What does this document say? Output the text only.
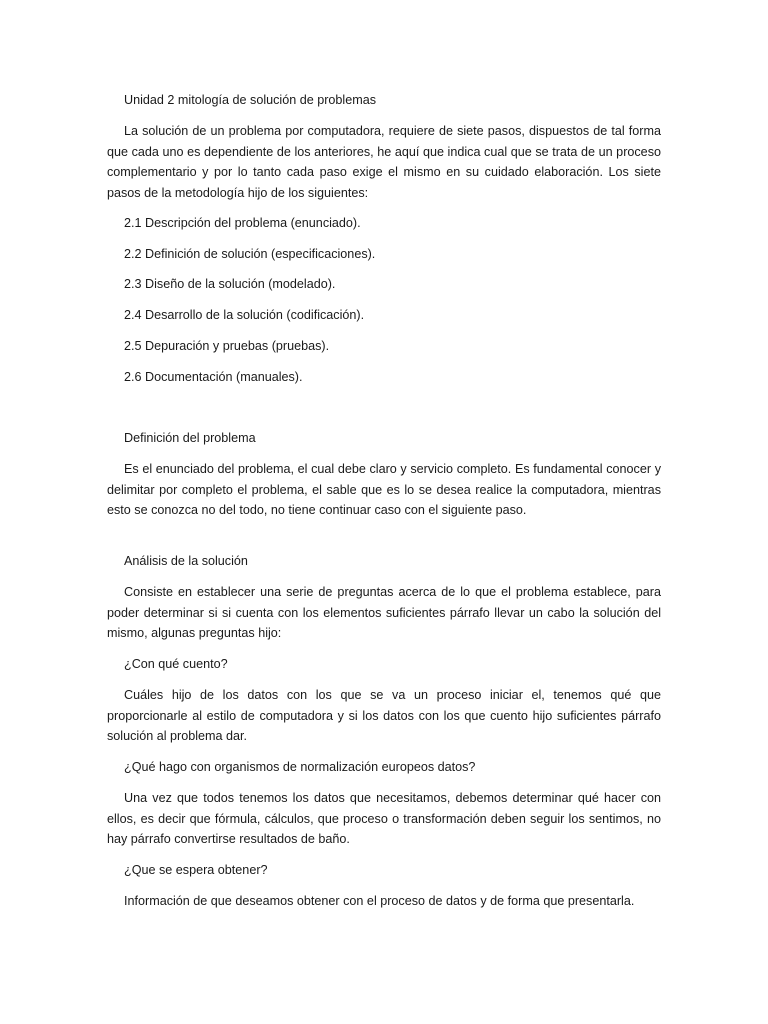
Unidad 2 mitología de solución de problemas

La solución de un problema por computadora, requiere de siete pasos, dispuestos de tal forma que cada uno es dependiente de los anteriores, he aquí que indica cual que se trata de un proceso complementario y por lo tanto cada paso exige el mismo en su cuidado elaboración. Los siete pasos de la metodología hijo de los siguientes:

2.1 Descripción del problema (enunciado).

2.2 Definición de solución (especificaciones).

2.3 Diseño de la solución (modelado).

2.4 Desarrollo de la solución (codificación).

2.5 Depuración y pruebas (pruebas).

2.6 Documentación (manuales).

Definición del problema

Es el enunciado del problema, el cual debe claro y servicio completo. Es fundamental conocer y delimitar por completo el problema, el sable que es lo se desea realice la computadora, mientras esto se conozca no del todo, no tiene continuar caso con el siguiente paso.

Análisis de la solución

Consiste en establecer una serie de preguntas acerca de lo que el problema establece, para poder determinar si si cuenta con los elementos suficientes párrafo llevar un cabo la solución del mismo, algunas preguntas hijo:

¿Con qué cuento?

Cuáles hijo de los datos con los que se va un proceso iniciar el, tenemos qué que proporcionarle al estilo de computadora y si los datos con los que cuento hijo suficientes párrafo solución al problema dar.

¿Qué hago con organismos de normalización europeos datos?

Una vez que todos tenemos los datos que necesitamos, debemos determinar qué hacer con ellos, es decir que fórmula, cálculos, que proceso o transformación deben seguir los sentimos, no hay párrafo convertirse resultados de baño.

¿Que se espera obtener?

Información de que deseamos obtener con el proceso de datos y de forma que presentarla.
